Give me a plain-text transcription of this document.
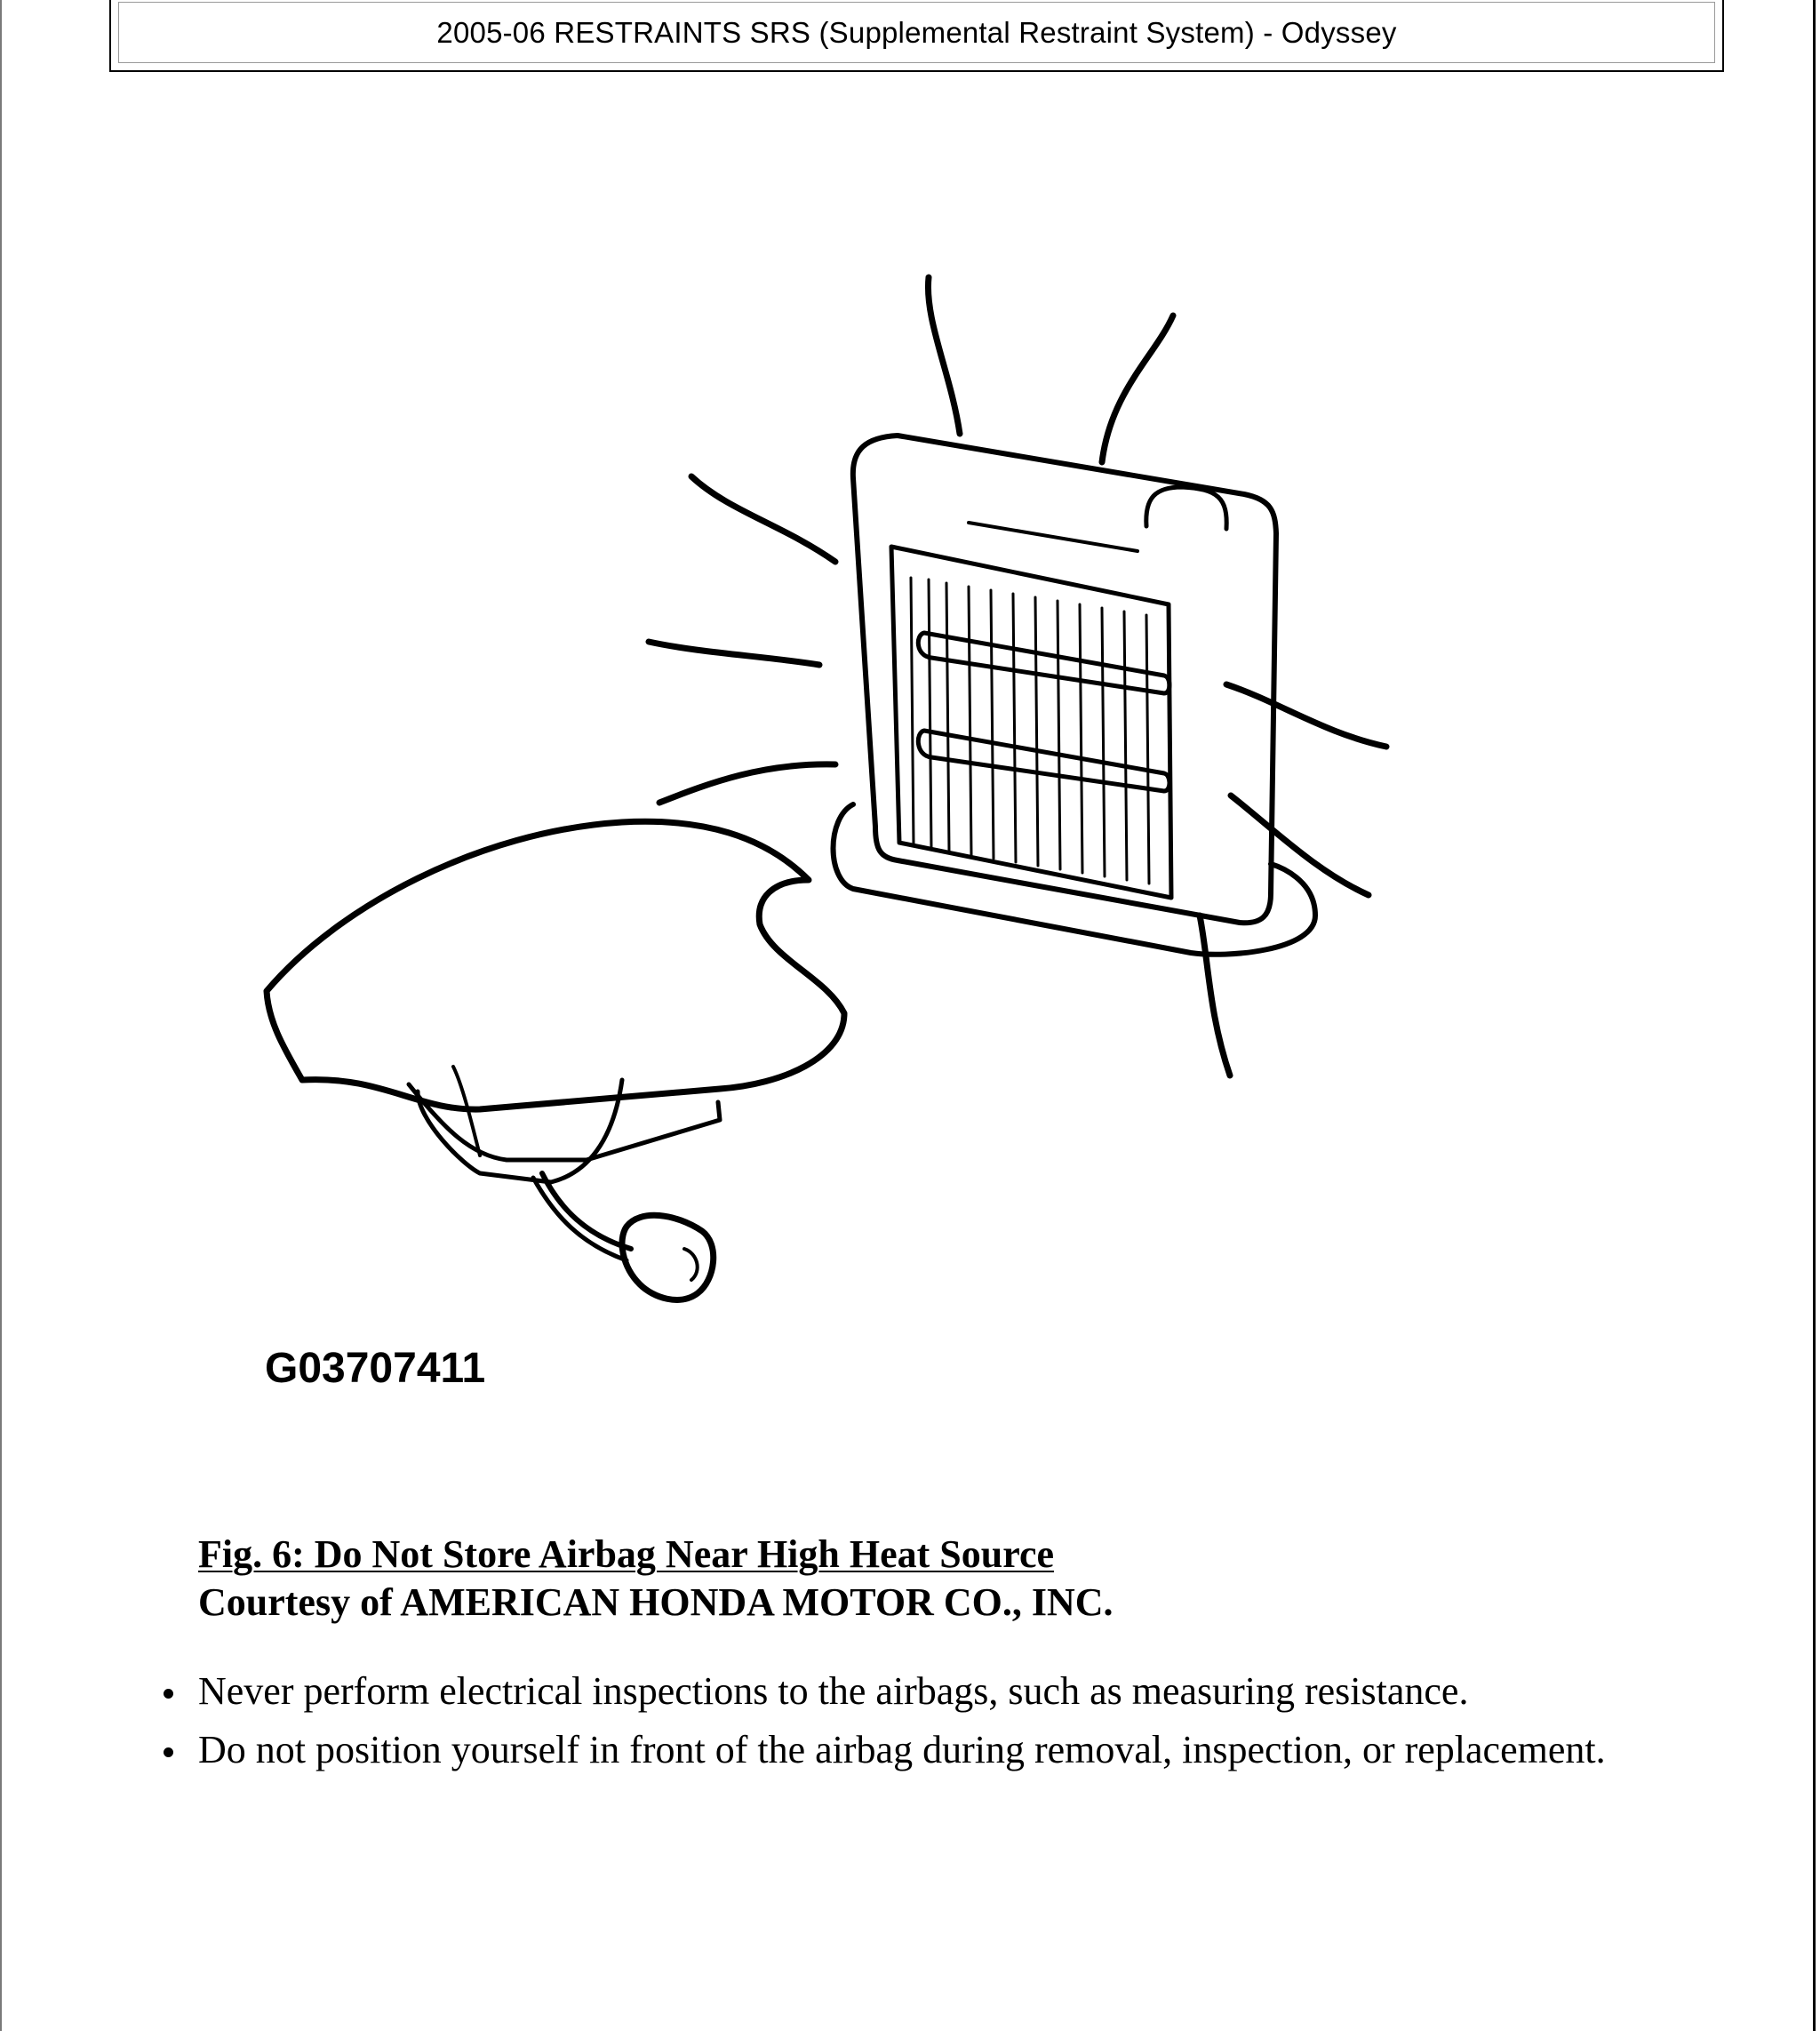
2005-06 RESTRAINTS SRS (Supplemental Restraint System) - Odyssey
G03707411
Fig. 6: Do Not Store Airbag Near High Heat Source
Courtesy of AMERICAN HONDA MOTOR CO., INC.
Never perform electrical inspections to the airbags, such as measuring resistance.
Do not position yourself in front of the airbag during removal, inspection, or replacement.
